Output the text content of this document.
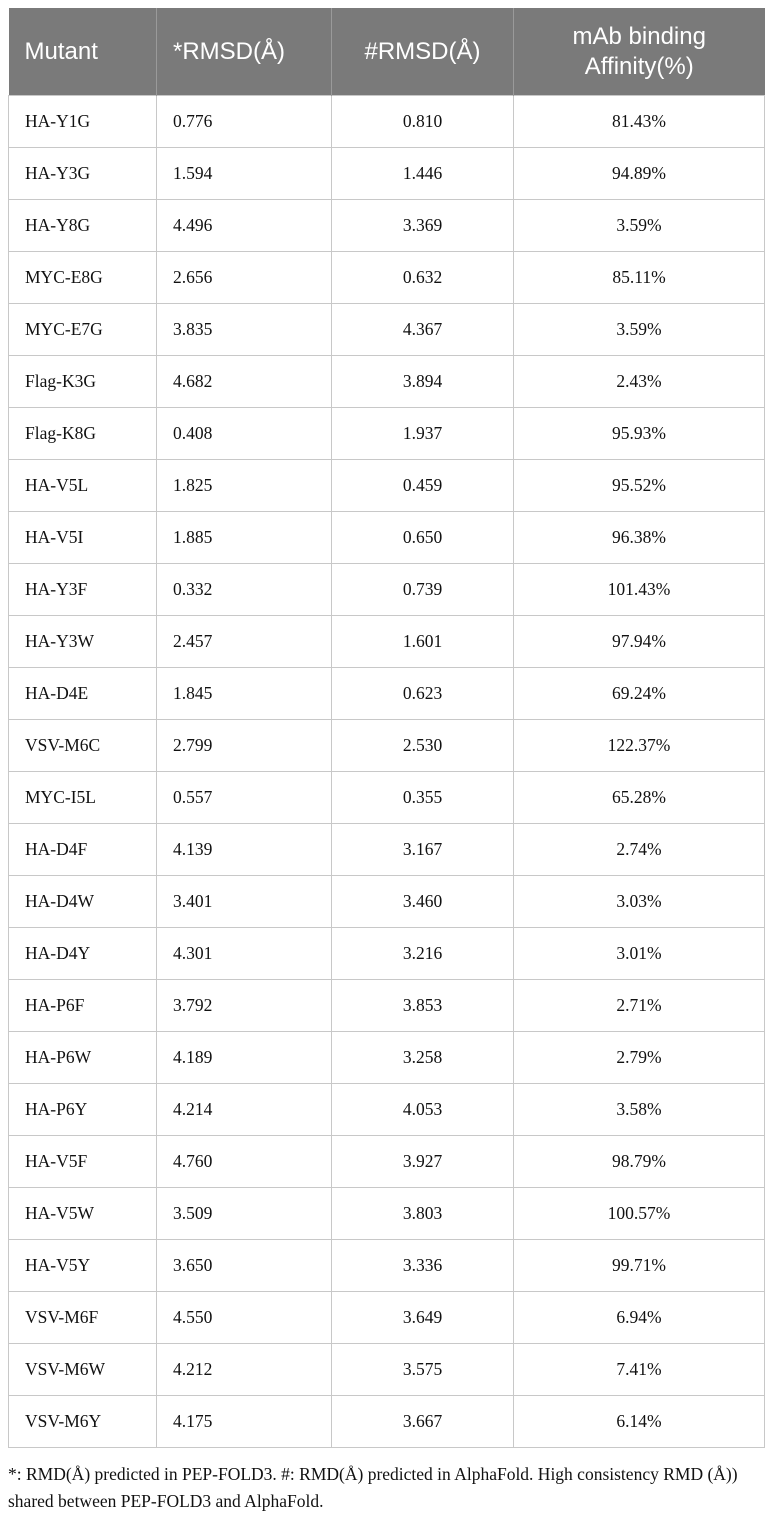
Mutant	*RMSD(Å)	#RMSD(Å)	mAb binding Affinity(%)
HA-Y1G	0.776	0.810	81.43%
HA-Y3G	1.594	1.446	94.89%
HA-Y8G	4.496	3.369	3.59%
MYC-E8G	2.656	0.632	85.11%
MYC-E7G	3.835	4.367	3.59%
Flag-K3G	4.682	3.894	2.43%
Flag-K8G	0.408	1.937	95.93%
HA-V5L	1.825	0.459	95.52%
HA-V5I	1.885	0.650	96.38%
HA-Y3F	0.332	0.739	101.43%
HA-Y3W	2.457	1.601	97.94%
HA-D4E	1.845	0.623	69.24%
VSV-M6C	2.799	2.530	122.37%
MYC-I5L	0.557	0.355	65.28%
HA-D4F	4.139	3.167	2.74%
HA-D4W	3.401	3.460	3.03%
HA-D4Y	4.301	3.216	3.01%
HA-P6F	3.792	3.853	2.71%
HA-P6W	4.189	3.258	2.79%
HA-P6Y	4.214	4.053	3.58%
HA-V5F	4.760	3.927	98.79%
HA-V5W	3.509	3.803	100.57%
HA-V5Y	3.650	3.336	99.71%
VSV-M6F	4.550	3.649	6.94%
VSV-M6W	4.212	3.575	7.41%
VSV-M6Y	4.175	3.667	6.14%
*: RMD(Å) predicted in PEP-FOLD3. #: RMD(Å) predicted in AlphaFold. High consistency RMD (Å)) shared between PEP-FOLD3 and AlphaFold.
